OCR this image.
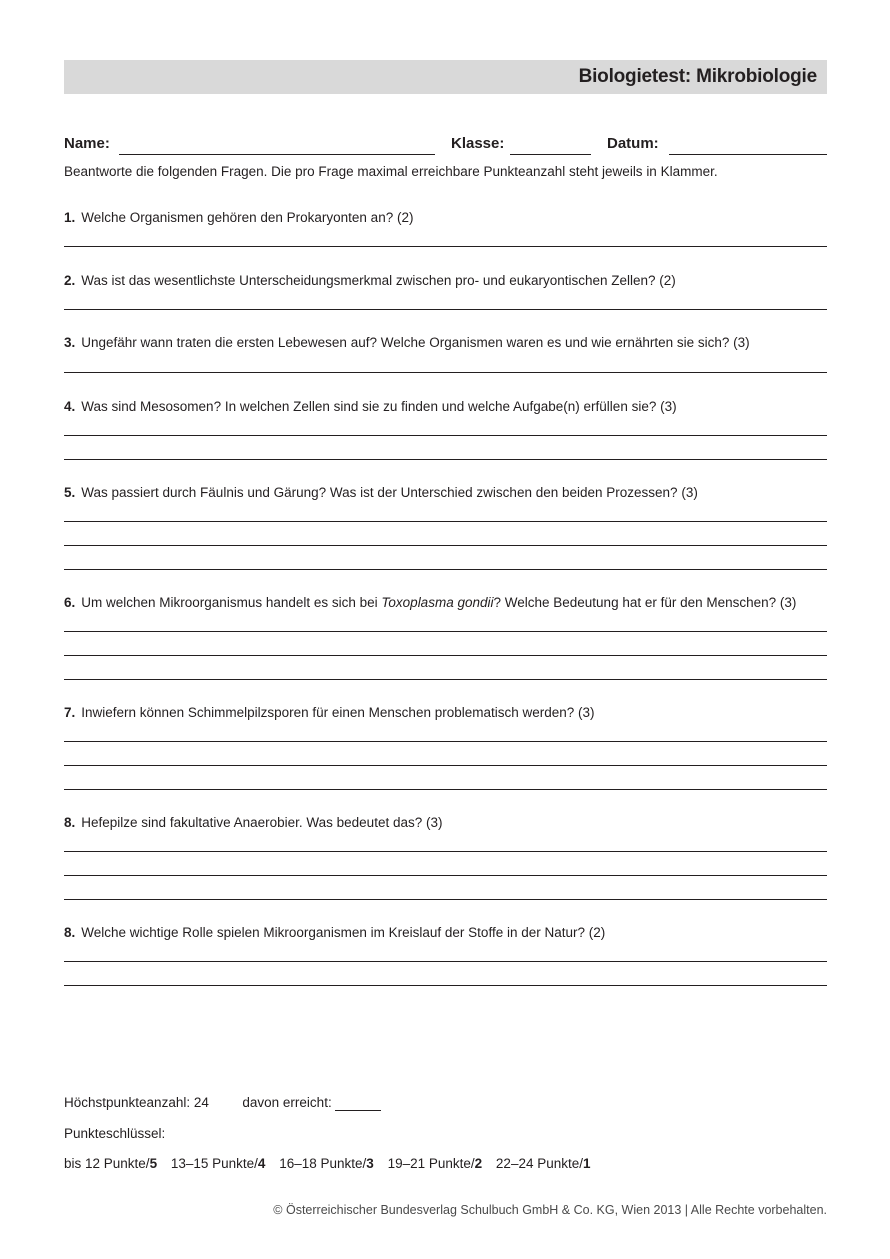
Biologietest: Mikrobiologie
Name:	Klasse:	Datum:
Beantworte die folgenden Fragen. Die pro Frage maximal erreichbare Punkteanzahl steht jeweils in Klammer.
1. Welche Organismen gehören den Prokaryonten an? (2)
2. Was ist das wesentlichste Unterscheidungsmerkmal zwischen pro- und eukaryontischen Zellen? (2)
3. Ungefähr wann traten die ersten Lebewesen auf? Welche Organismen waren es und wie ernährten sie sich? (3)
4. Was sind Mesosomen? In welchen Zellen sind sie zu finden und welche Aufgabe(n) erfüllen sie? (3)
5. Was passiert durch Fäulnis und Gärung? Was ist der Unterschied zwischen den beiden Prozessen? (3)
6. Um welchen Mikroorganismus handelt es sich bei Toxoplasma gondii? Welche Bedeutung hat er für den Menschen? (3)
7. Inwiefern können Schimmelpilzsporen für einen Menschen problematisch werden? (3)
8. Hefepilze sind fakultative Anaerobier. Was bedeutet das? (3)
8. Welche wichtige Rolle spielen Mikroorganismen im Kreislauf der Stoffe in der Natur? (2)
Höchstpunkteanzahl: 24 davon erreicht:
Punkteschlüssel:
bis 12 Punkte/5 13–15 Punkte/4 16–18 Punkte/3 19–21 Punkte/2 22–24 Punkte/1
© Österreichischer Bundesverlag Schulbuch GmbH & Co. KG, Wien 2013 | Alle Rechte vorbehalten.
